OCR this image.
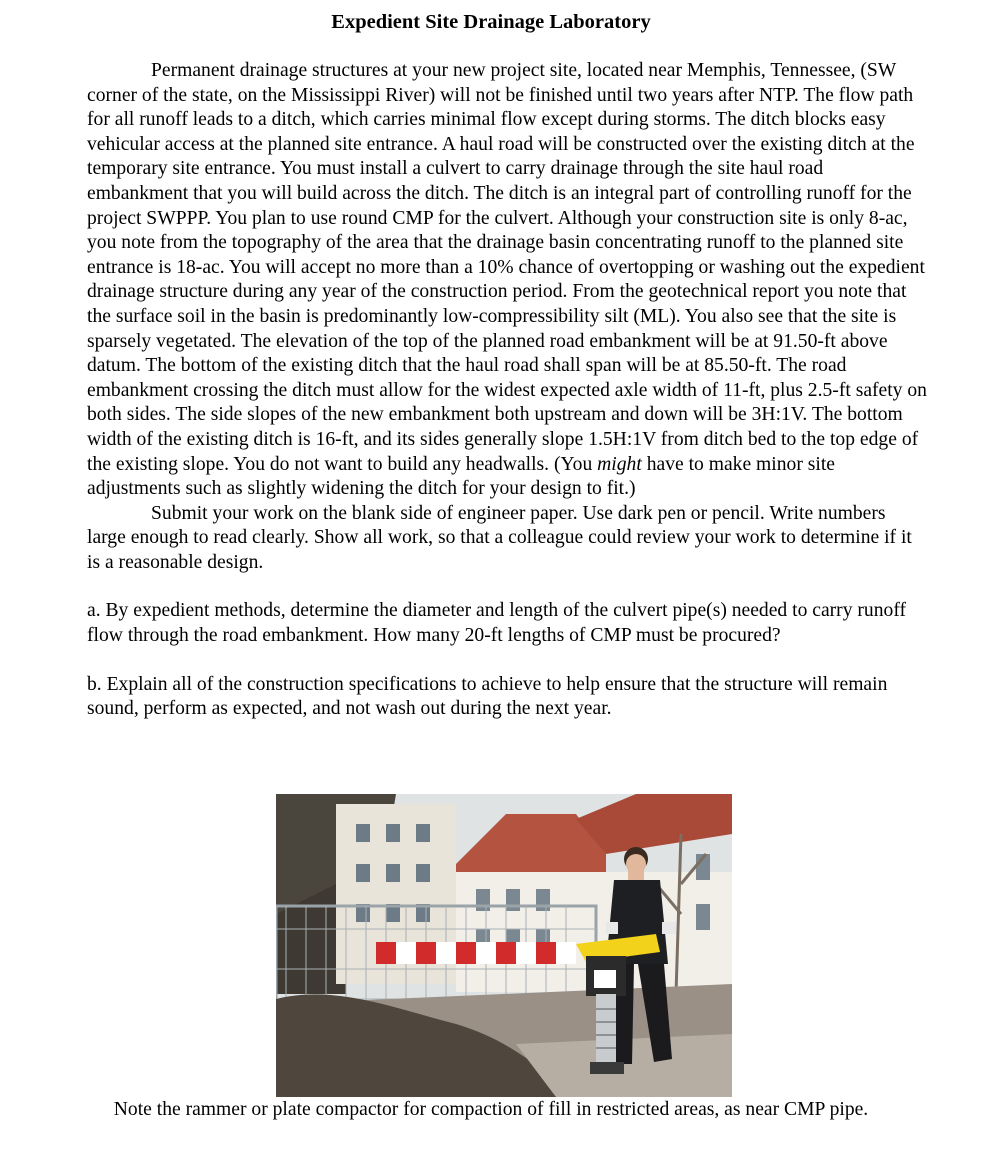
Expedient Site Drainage Laboratory

Permanent drainage structures at your new project site, located near Memphis, Tennessee, (SW corner of the state, on the Mississippi River) will not be finished until two years after NTP. The flow path for all runoff leads to a ditch, which carries minimal flow except during storms. The ditch blocks easy vehicular access at the planned site entrance. A haul road will be constructed over the existing ditch at the temporary site entrance. You must install a culvert to carry drainage through the site haul road embankment that you will build across the ditch. The ditch is an integral part of controlling runoff for the project SWPPP. You plan to use round CMP for the culvert. Although your construction site is only 8-ac, you note from the topography of the area that the drainage basin concentrating runoff to the planned site entrance is 18-ac. You will accept no more than a 10% chance of overtopping or washing out the expedient drainage structure during any year of the construction period. From the geotechnical report you note that the surface soil in the basin is predominantly low-compressibility silt (ML). You also see that the site is sparsely vegetated. The elevation of the top of the planned road embankment will be at 91.50-ft above datum. The bottom of the existing ditch that the haul road shall span will be at 85.50-ft. The road embankment crossing the ditch must allow for the widest expected axle width of 11-ft, plus 2.5-ft safety on both sides. The side slopes of the new embankment both upstream and down will be 3H:1V. The bottom width of the existing ditch is 16-ft, and its sides generally slope 1.5H:1V from ditch bed to the top edge of the existing slope. You do not want to build any headwalls. (You might have to make minor site adjustments such as slightly widening the ditch for your design to fit.)

Submit your work on the blank side of engineer paper. Use dark pen or pencil. Write numbers large enough to read clearly. Show all work, so that a colleague could review your work to determine if it is a reasonable design.

a. By expedient methods, determine the diameter and length of the culvert pipe(s) needed to carry runoff flow through the road embankment. How many 20-ft lengths of CMP must be procured?

b. Explain all of the construction specifications to achieve to help ensure that the structure will remain sound, perform as expected, and not wash out during the next year.

Note the rammer or plate compactor for compaction of fill in restricted areas, as near CMP pipe.
